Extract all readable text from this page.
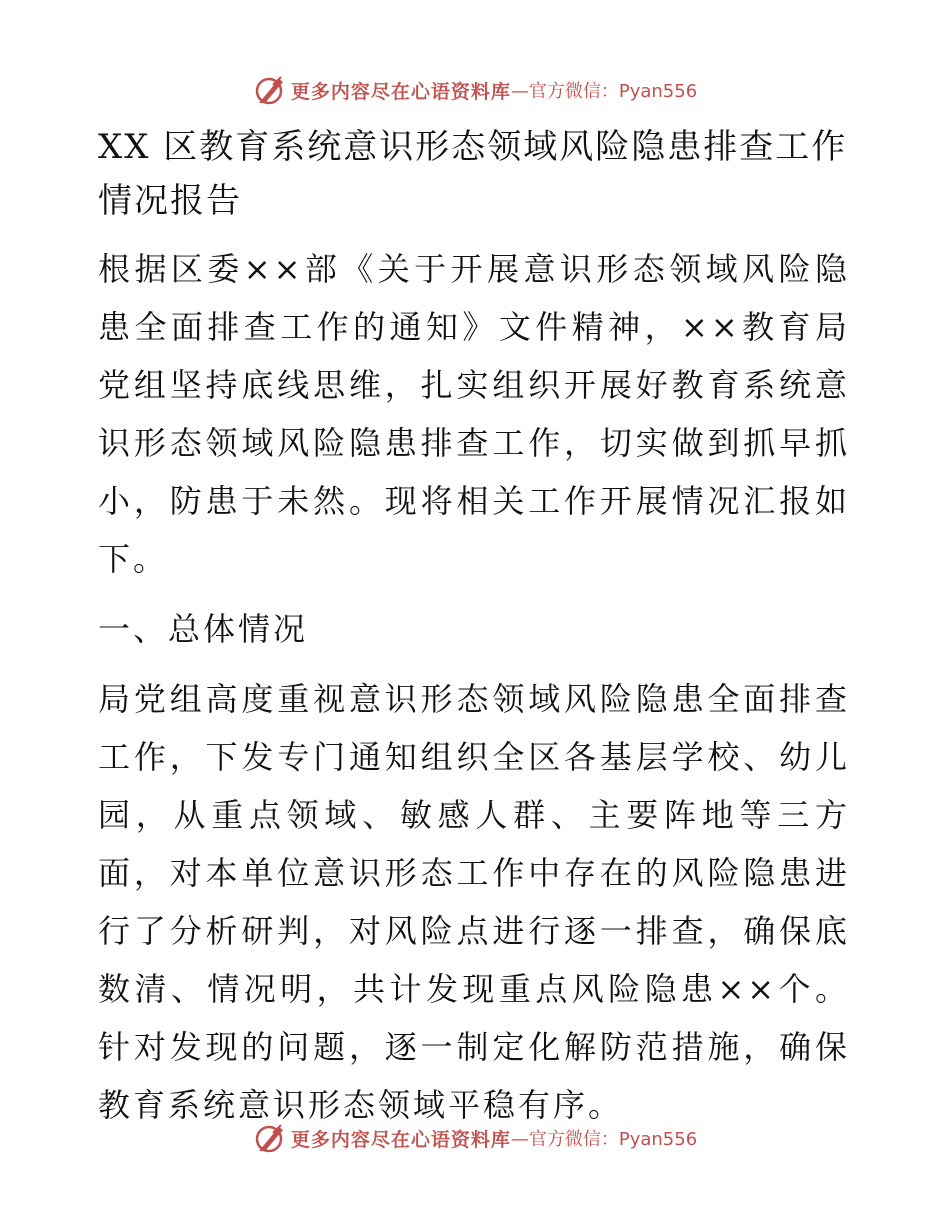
更多内容尽在心语资料库 —官方微信：Pyan556
XX 区教育系统意识形态领域风险隐患排查工作情况报告

根据区委××部《关于开展意识形态领域风险隐患全面排查工作的通知》文件精神，××教育局党组坚持底线思维，扎实组织开展好教育系统意识形态领域风险隐患排查工作，切实做到抓早抓小，防患于未然。现将相关工作开展情况汇报如下。

一、总体情况

局党组高度重视意识形态领域风险隐患全面排查工作，下发专门通知组织全区各基层学校、幼儿园，从重点领域、敏感人群、主要阵地等三方面，对本单位意识形态工作中存在的风险隐患进行了分析研判，对风险点进行逐一排查，确保底数清、情况明，共计发现重点风险隐患××个。针对发现的问题，逐一制定化解防范措施，确保教育系统意识形态领域平稳有序。

更多内容尽在心语资料库 —官方微信：Pyan556
